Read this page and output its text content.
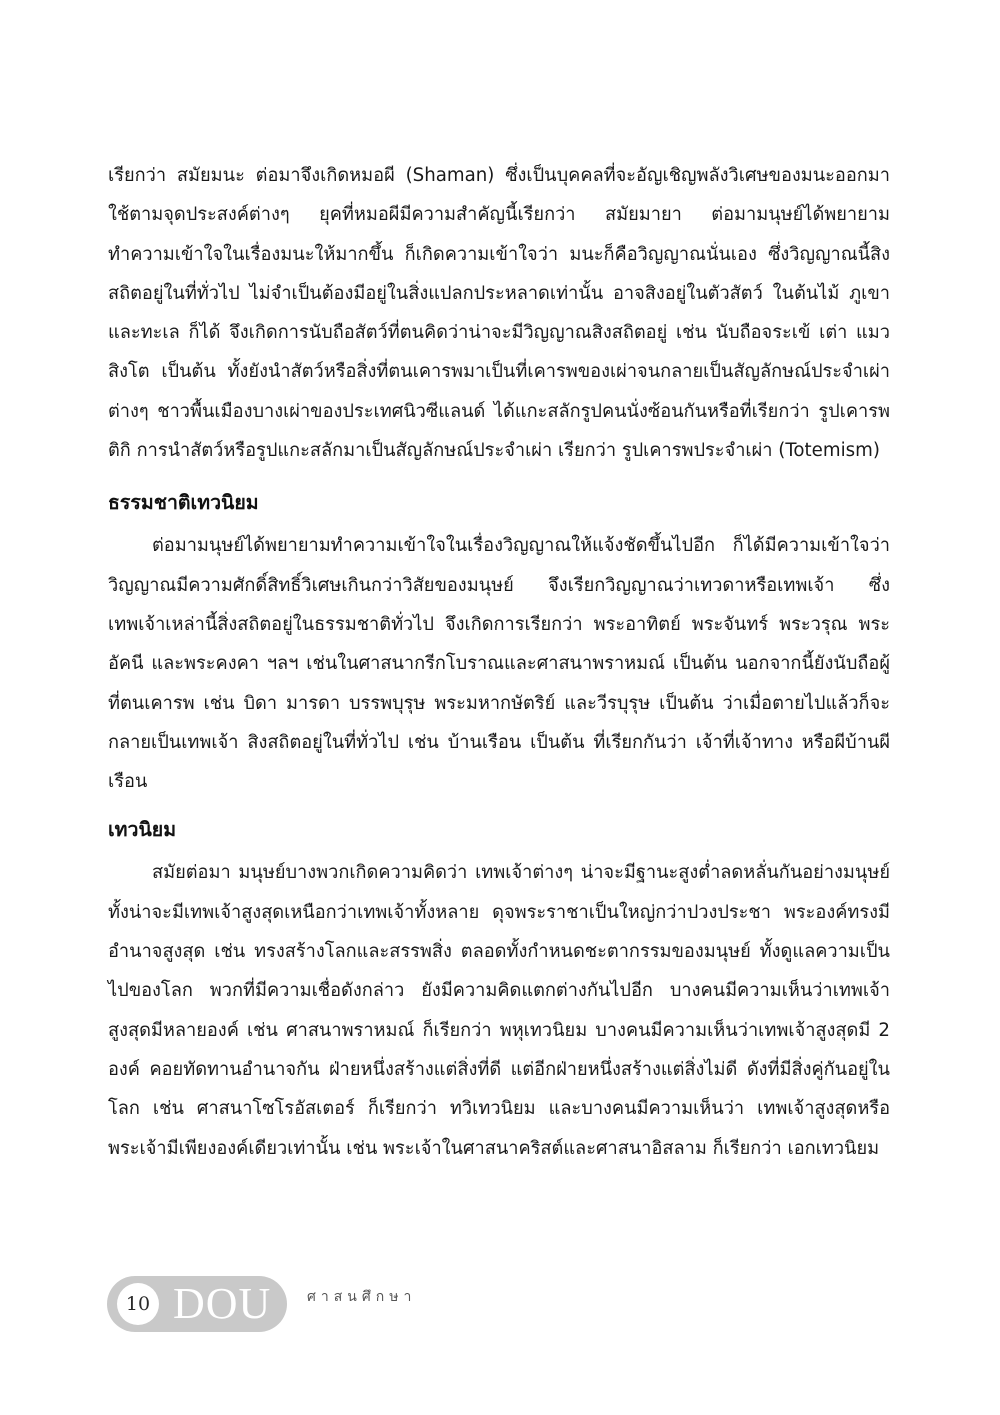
เรียกว่า สมัยมนะ ต่อมาจึงเกิดหมอผี (Shaman) ซึ่งเป็นบุคคลที่จะอัญเชิญพลังวิเศษของมนะออกมาใช้ตามจุดประสงค์ต่างๆ ยุคที่หมอผีมีความสำคัญนี้เรียกว่า สมัยมายา ต่อมามนุษย์ได้พยายาม ทำความเข้าใจในเรื่องมนะให้มากขึ้น ก็เกิดความเข้าใจว่า มนะก็คือวิญญาณนั่นเอง ซึ่งวิญญาณนี้สิงสถิตอยู่ในที่ทั่วไป ไม่จำเป็นต้องมีอยู่ในสิ่งแปลกประหลาดเท่านั้น อาจสิงอยู่ในตัวสัตว์ ในต้นไม้ ภูเขา และทะเล ก็ได้ จึงเกิดการนับถือสัตว์ที่ตนคิดว่าน่าจะมีวิญญาณสิงสถิตอยู่ เช่น นับถือจระเข้ เต่า แมว สิงโต เป็นต้น ทั้งยังนำสัตว์หรือสิ่งที่ตนเคารพมาเป็นที่เคารพของเผ่าจนกลายเป็นสัญลักษณ์ประจำเผ่าต่างๆ ชาวพื้นเมืองบางเผ่าของประเทศนิวซีแลนด์ ได้แกะสลักรูปคนนั่งซ้อนกันหรือที่เรียกว่า รูปเคารพติกิ การนำสัตว์หรือรูปแกะสลักมาเป็นสัญลักษณ์ประจำเผ่า เรียกว่า รูปเคารพประจำเผ่า (Totemism)

ธรรมชาติเทวนิยม

ต่อมามนุษย์ได้พยายามทำความเข้าใจในเรื่องวิญญาณให้แจ้งชัดขึ้นไปอีก ก็ได้มีความเข้าใจว่าวิญญาณมีความศักดิ์สิทธิ์วิเศษเกินกว่าวิสัยของมนุษย์ จึงเรียกวิญญาณว่าเทวดาหรือเทพเจ้า ซึ่งเทพเจ้าเหล่านี้สิ่งสถิตอยู่ในธรรมชาติทั่วไป จึงเกิดการเรียกว่า พระอาทิตย์ พระจันทร์ พระวรุณ พระอัคนี และพระคงคา ฯลฯ เช่นในศาสนากรีกโบราณและศาสนาพราหมณ์ เป็นต้น นอกจากนี้ยังนับถือผู้ที่ตนเคารพ เช่น บิดา มารดา บรรพบุรุษ พระมหากษัตริย์ และวีรบุรุษ เป็นต้น ว่าเมื่อตายไปแล้วก็จะกลายเป็นเทพเจ้า สิงสถิตอยู่ในที่ทั่วไป เช่น บ้านเรือน เป็นต้น ที่เรียกกันว่า เจ้าที่เจ้าทาง หรือผีบ้านผีเรือน

เทวนิยม

สมัยต่อมา มนุษย์บางพวกเกิดความคิดว่า เทพเจ้าต่างๆ น่าจะมีฐานะสูงต่ำลดหลั่นกันอย่างมนุษย์ ทั้งน่าจะมีเทพเจ้าสูงสุดเหนือกว่าเทพเจ้าทั้งหลาย ดุจพระราชาเป็นใหญ่กว่าปวงประชา พระองค์ทรงมีอำนาจสูงสุด เช่น ทรงสร้างโลกและสรรพสิ่ง ตลอดทั้งกำหนดชะตากรรมของมนุษย์ ทั้งดูแลความเป็นไปของโลก พวกที่มีความเชื่อดังกล่าว ยังมีความคิดแตกต่างกันไปอีก บางคนมีความเห็นว่าเทพเจ้าสูงสุดมีหลายองค์ เช่น ศาสนาพราหมณ์ ก็เรียกว่า พหุเทวนิยม บางคนมีความเห็นว่าเทพเจ้าสูงสุดมี 2 องค์ คอยทัดทานอำนาจกัน ฝ่ายหนึ่งสร้างแต่สิ่งที่ดี แต่อีกฝ่ายหนึ่งสร้างแต่สิ่งไม่ดี ดังที่มีสิ่งคู่กันอยู่ในโลก เช่น ศาสนาโซโรอัสเตอร์ ก็เรียกว่า ทวิเทวนิยม และบางคนมีความเห็นว่า เทพเจ้าสูงสุดหรือพระเจ้ามีเพียงองค์เดียวเท่านั้น เช่น พระเจ้าในศาสนาคริสต์และศาสนาอิสลาม ก็เรียกว่า เอกเทวนิยม

10 DOU	ศาสนศึกษา
